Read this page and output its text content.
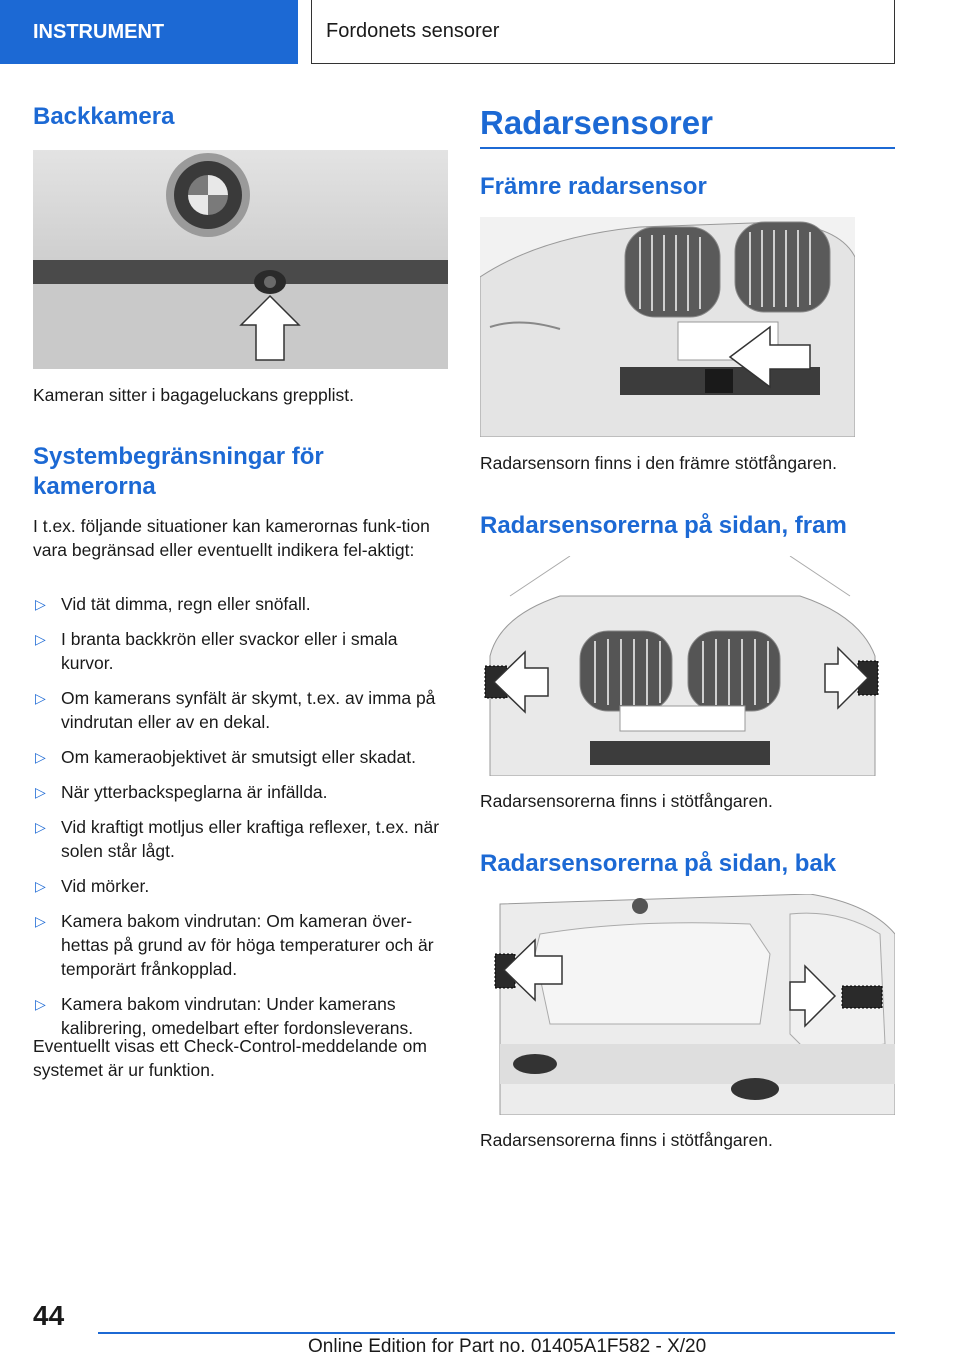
INSTRUMENT	Fordonets sensorer
Backkamera
Kameran sitter i bagageluckans grepplist.
Systembegränsningar för kamerorna
I t.ex. följande situationer kan kamerornas funk-tion vara begränsad eller eventuellt indikera fel-aktigt:
▷ Vid tät dimma, regn eller snöfall.
▷ I branta backkrön eller svackor eller i smala kurvor.
▷ Om kamerans synfält är skymt, t.ex. av imma på vindrutan eller av en dekal.
▷ Om kameraobjektivet är smutsigt eller skadat.
▷ När ytterbackspeglarna är infällda.
▷ Vid kraftigt motljus eller kraftiga reflexer, t.ex. när solen står lågt.
▷ Vid mörker.
▷ Kamera bakom vindrutan: Om kameran över-hettas på grund av för höga temperaturer och är temporärt frånkopplad.
▷ Kamera bakom vindrutan: Under kamerans kalibrering, omedelbart efter fordonsleverans.
Eventuellt visas ett Check-Control-meddelande om systemet är ur funktion.
Radarsensorer
Främre radarsensor
Radarsensorn finns i den främre stötfångaren.
Radarsensorerna på sidan, fram
Radarsensorerna finns i stötfångaren.
Radarsensorerna på sidan, bak
Radarsensorerna finns i stötfångaren.
44
Online Edition for Part no. 01405A1F582 - X/20
